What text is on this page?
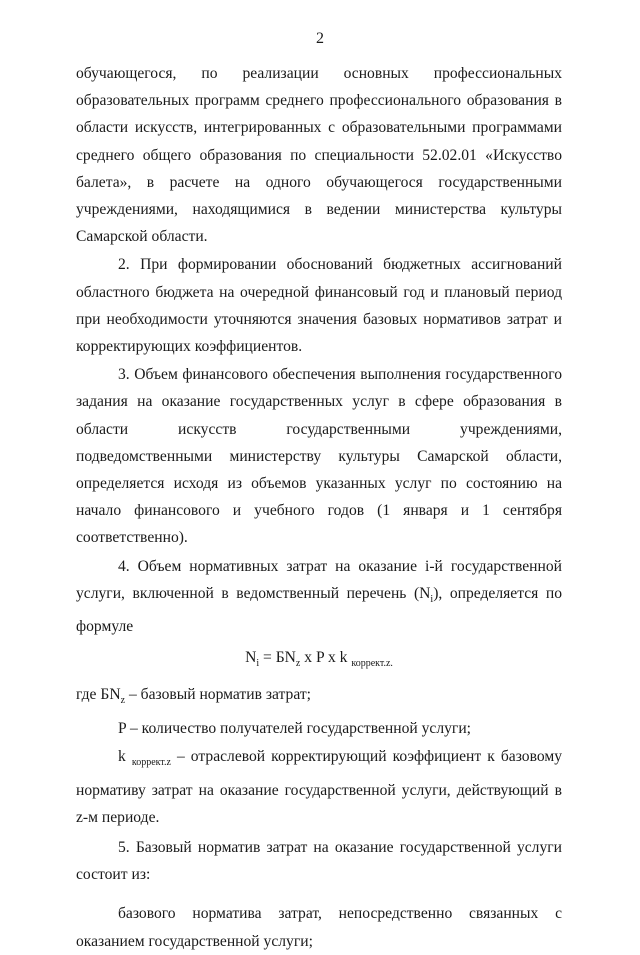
2

обучающегося, по реализации основных профессиональных образовательных программ среднего профессионального образования в области искусств, интегрированных с образовательными программами среднего общего образования по специальности 52.02.01 «Искусство балета», в расчете на одного обучающегося государственными учреждениями, находящимися в ведении министерства культуры Самарской области.

2. При формировании обоснований бюджетных ассигнований областного бюджета на очередной финансовый год и плановый период при необходимости уточняются значения базовых нормативов затрат и корректирующих коэффициентов.

3. Объем финансового обеспечения выполнения государственного задания на оказание государственных услуг в сфере образования в области искусств государственными учреждениями, подведомственными министерству культуры Самарской области, определяется исходя из объемов указанных услуг по состоянию на начало финансового и учебного годов (1 января и 1 сентября соответственно).

4. Объем нормативных затрат на оказание i-й государственной услуги, включенной в ведомственный перечень $(N_i)$, определяется по формуле

$N_i = БN_z$ x P x k $_{коррект.z.}$

где $БN_z$ – базовый норматив затрат;

P – количество получателей государственной услуги;

k $_{коррект.z}$ – отраслевой корректирующий коэффициент к базовому нормативу затрат на оказание государственной услуги, действующий в z-м периоде.

5. Базовый норматив затрат на оказание государственной услуги состоит из:

базового норматива затрат, непосредственно связанных с оказанием государственной услуги;
